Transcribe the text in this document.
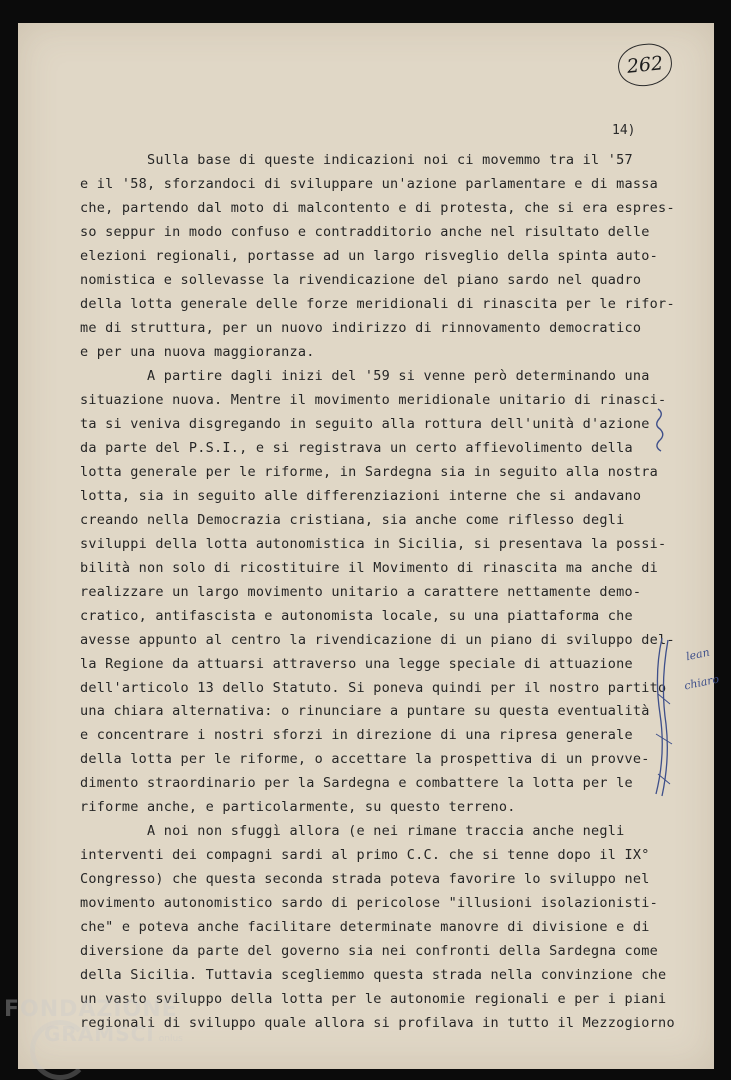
262
14)
Sulla base di queste indicazioni noi ci movemmo tra il '57
e il '58, sforzandoci di sviluppare un'azione parlamentare e di massa
che, partendo dal moto di malcontento e di protesta, che si era espres-
so seppur in modo confuso e contradditorio anche nel risultato delle
elezioni regionali, portasse ad un largo risveglio della spinta auto-
nomistica e sollevasse la rivendicazione del piano sardo nel quadro
della lotta generale delle forze meridionali di rinascita per le rifor-
me di struttura, per un nuovo indirizzo di rinnovamento democratico
e per una nuova maggioranza.
A partire dagli inizi del '59 si venne però determinando una
situazione nuova. Mentre il movimento meridionale unitario di rinasci-
ta si veniva disgregando in seguito alla rottura dell'unità d'azione
da parte del P.S.I., e si registrava un certo affievolimento della
lotta generale per le riforme, in Sardegna sia in seguito alla nostra
lotta, sia in seguito alle differenziazioni interne che si andavano
creando nella Democrazia cristiana, sia anche come riflesso degli
sviluppi della lotta autonomistica in Sicilia, si presentava la possi-
bilità non solo di ricostituire il Movimento di rinascita ma anche di
realizzare un largo movimento unitario a carattere nettamente demo-
cratico, antifascista e autonomista locale, su una piattaforma che
avesse appunto al centro la rivendicazione di un piano di sviluppo del-
la Regione da attuarsi attraverso una legge speciale di attuazione
dell'articolo 13 dello Statuto. Si poneva quindi per il nostro partito
una chiara alternativa: o rinunciare a puntare su questa eventualità
e concentrare i nostri sforzi in direzione di una ripresa generale
della lotta per le riforme, o accettare la prospettiva di un provve-
dimento straordinario per la Sardegna e combattere la lotta per le
riforme anche, e particolarmente, su questo terreno.
A noi non sfuggì allora (e nei rimane traccia anche negli
interventi dei compagni sardi al primo C.C. che si tenne dopo il IX°
Congresso) che questa seconda strada poteva favorire lo sviluppo nel
movimento autonomistico sardo di pericolose "illusioni isolazionisti-
che" e poteva anche facilitare determinate manovre di divisione e di
diversione da parte del governo sia nei confronti della Sardegna come
della Sicilia. Tuttavia scegliemmo questa strada nella convinzione che
un vasto sviluppo della lotta per le autonomie regionali e per i piani
regionali di sviluppo quale allora si profilava in tutto il Mezzogiorno
lean
chiaro
FONDAZIONE
GRAMSCI onlus
